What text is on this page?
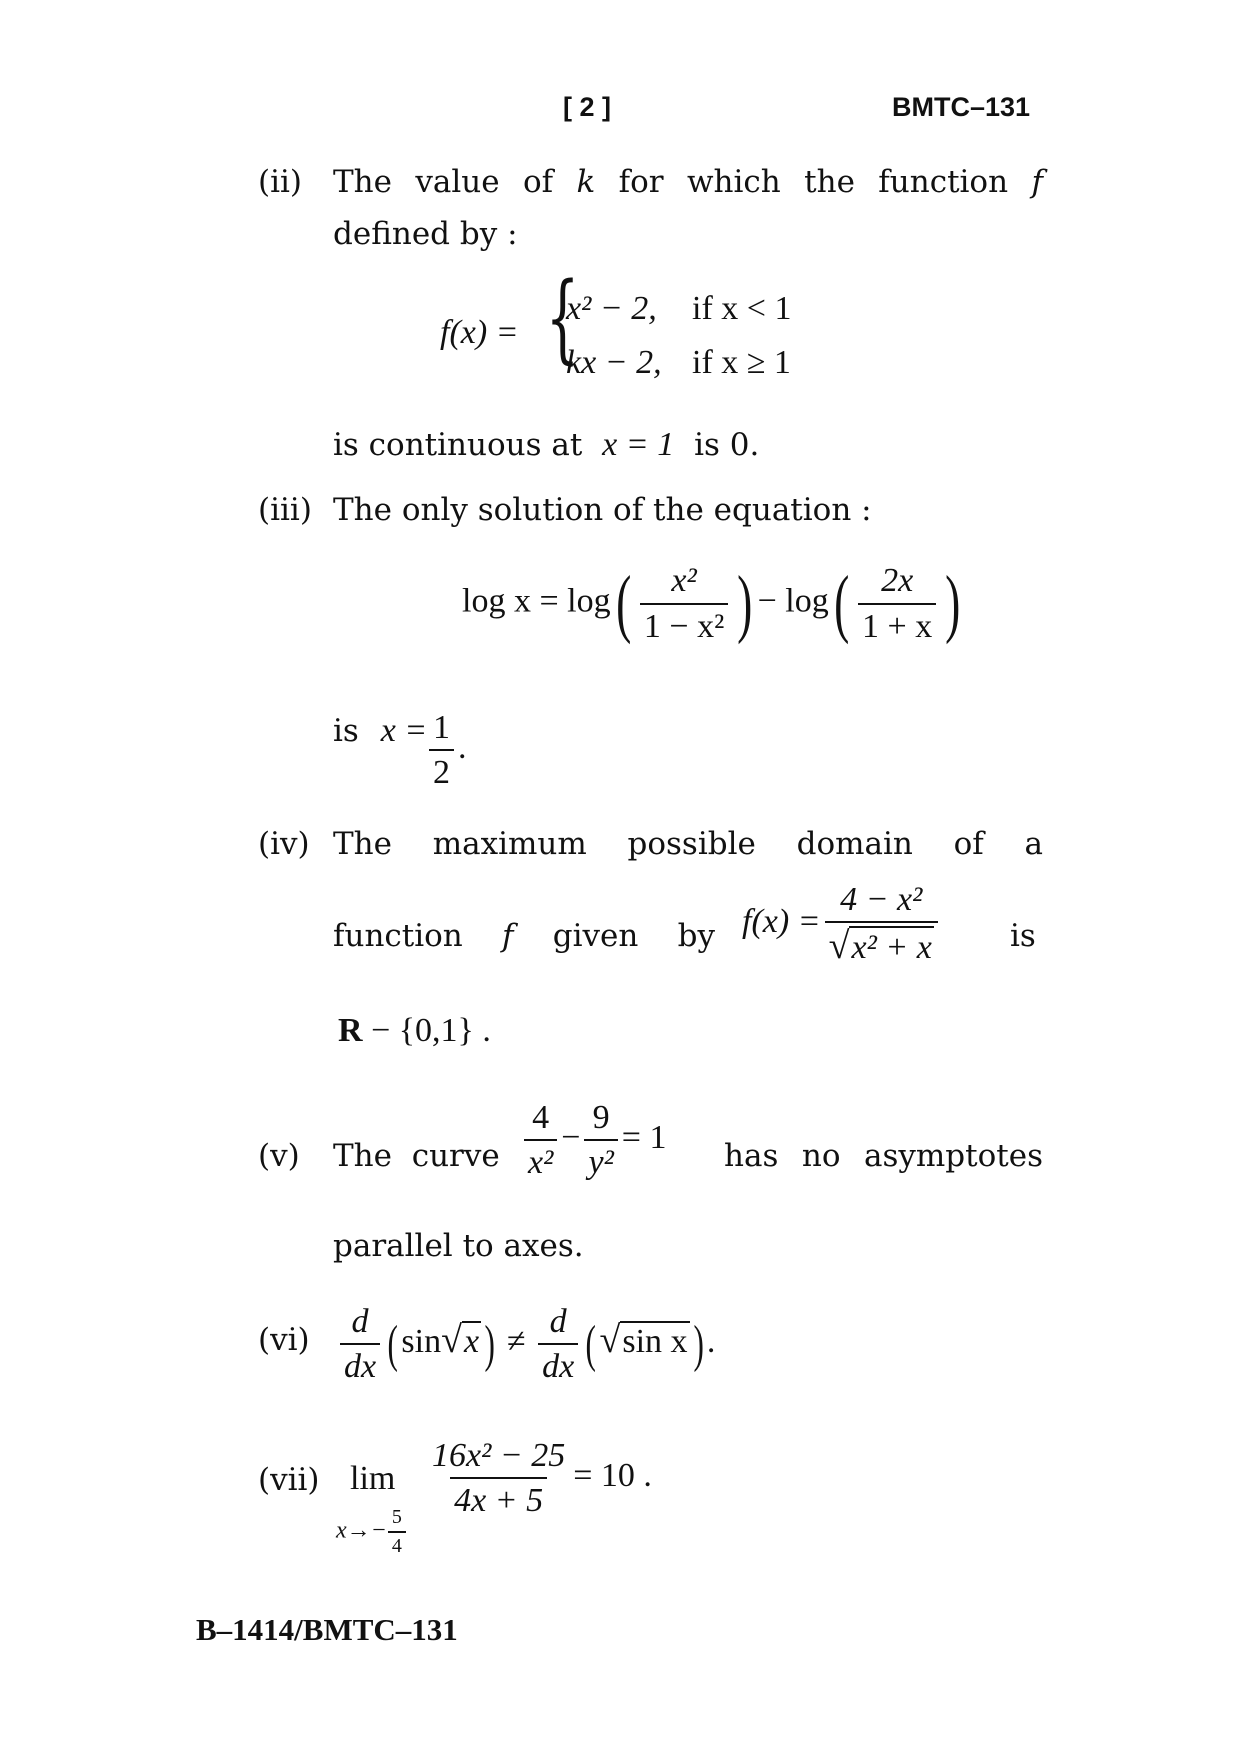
[ 2 ]	BMTC–131
(ii) The value of k for which the function f
defined by :
f(x) = {
x² − 2, if x < 1
kx − 2, if x ≥ 1
is continuous at x = 1 is 0.
(iii) The only solution of the equation :
$\log x = \log( \frac{\text{x²}}{\text{1 − x²}}$ ) − $\log( \frac{2x}{1 + x}$ )
is $x = \frac{1}{2}$ .
(iv) The maximum possible domain of a
function f given by $f(x) = \frac{\text{4 − x²}}{\text{√x² + x}}$ is
R − {0,1} .
(v) The curve $\frac{4}{\text{x²}} - \frac{9}{\text{y²}} = 1$
has no asymptotes
parallel to axes.
$(vi) \frac{d}{dx}$ ( sin√x ) ≠ $\frac{d}{dx} (√\sin$ x ) .
(vii) lim
$x\to- \frac{5}{4}$
$\frac{\text{16x² − 25}}{4x + 5} = 10$ .
B–1414/BMTC–131
